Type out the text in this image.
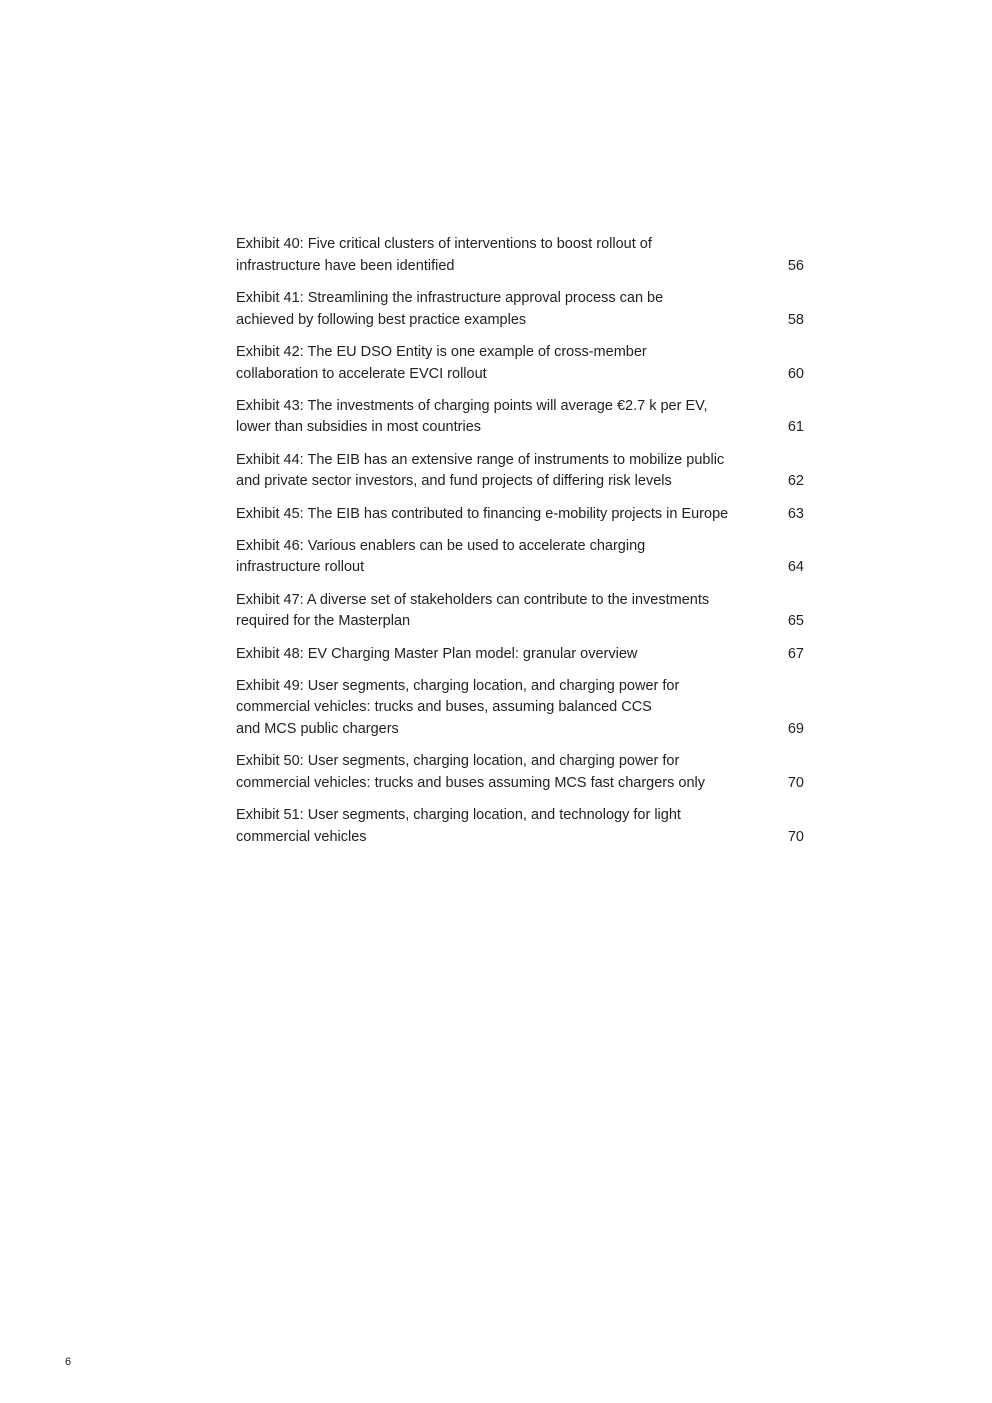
Exhibit 40: Five critical clusters of interventions to boost rollout of
infrastructure have been identified	56
Exhibit 41: Streamlining the infrastructure approval process can be
achieved by following best practice examples	58
Exhibit 42: The EU DSO Entity is one example of cross-member
collaboration to accelerate EVCI rollout	60
Exhibit 43: The investments of charging points will average €2.7 k per EV,
lower than subsidies in most countries	61
Exhibit 44: The EIB has an extensive range of instruments to mobilize public
and private sector investors, and fund projects of differing risk levels	62
Exhibit 45: The EIB has contributed to financing e-mobility projects in Europe	63
Exhibit 46: Various enablers can be used to accelerate charging
infrastructure rollout	64
Exhibit 47: A diverse set of stakeholders can contribute to the investments
required for the Masterplan	65
Exhibit 48: EV Charging Master Plan model: granular overview	67
Exhibit 49: User segments, charging location, and charging power for
commercial vehicles: trucks and buses, assuming balanced CCS
and MCS public chargers	69
Exhibit 50: User segments, charging location, and charging power for
commercial vehicles: trucks and buses assuming MCS fast chargers only	70
Exhibit 51: User segments, charging location, and technology for light
commercial vehicles	70
6
